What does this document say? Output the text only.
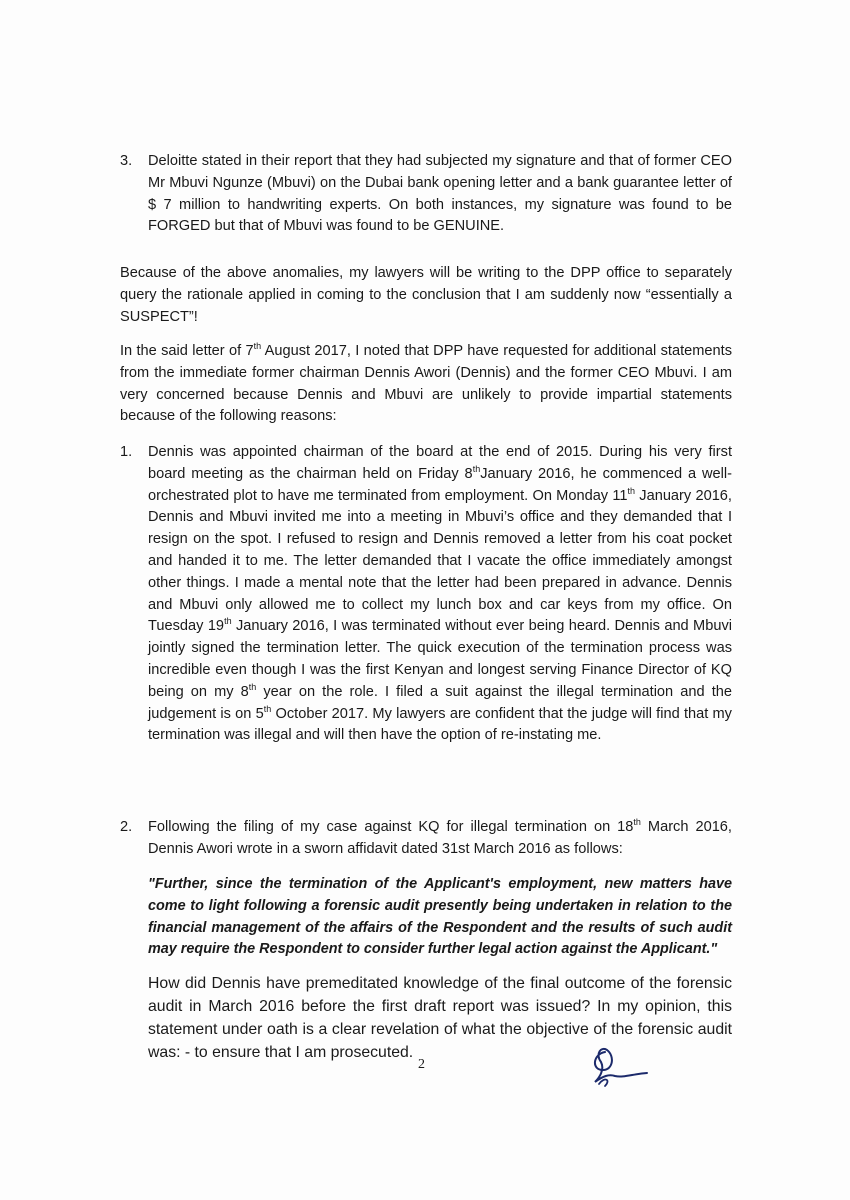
3.	Deloitte stated in their report that they had subjected my signature and that of former CEO Mr Mbuvi Ngunze (Mbuvi) on the Dubai bank opening letter and a bank guarantee letter of $ 7 million to handwriting experts. On both instances, my signature was found to be FORGED but that of Mbuvi was found to be GENUINE.
Because of the above anomalies, my lawyers will be writing to the DPP office to separately query the rationale applied in coming to the conclusion that I am suddenly now “essentially a SUSPECT”!
In the said letter of 7th August 2017, I noted that DPP have requested for additional statements from the immediate former chairman Dennis Awori (Dennis) and the former CEO Mbuvi. I am very concerned because Dennis and Mbuvi are unlikely to provide impartial statements because of the following reasons:
1.	Dennis was appointed chairman of the board at the end of 2015. During his very first board meeting as the chairman held on Friday 8thJanuary 2016, he commenced a well-orchestrated plot to have me terminated from employment. On Monday 11th January 2016, Dennis and Mbuvi invited me into a meeting in Mbuvi’s office and they demanded that I resign on the spot. I refused to resign and Dennis removed a letter from his coat pocket and handed it to me. The letter demanded that I vacate the office immediately amongst other things. I made a mental note that the letter had been prepared in advance. Dennis and Mbuvi only allowed me to collect my lunch box and car keys from my office. On Tuesday 19th January 2016, I was terminated without ever being heard. Dennis and Mbuvi jointly signed the termination letter. The quick execution of the termination process was incredible even though I was the first Kenyan and longest serving Finance Director of KQ being on my 8th year on the role. I filed a suit against the illegal termination and the judgement is on 5th October 2017. My lawyers are confident that the judge will find that my termination was illegal and will then have the option of re-instating me.
2.	Following the filing of my case against KQ for illegal termination on 18th March 2016, Dennis Awori wrote in a sworn affidavit dated 31st March 2016 as follows:
"Further, since the termination of the Applicant's employment, new matters have come to light following a forensic audit presently being undertaken in relation to the financial management of the affairs of the Respondent and the results of such audit may require the Respondent to consider further legal action against the Applicant."
How did Dennis have premeditated knowledge of the final outcome of the forensic audit in March 2016 before the first draft report was issued? In my opinion, this statement under oath is a clear revelation of what the objective of the forensic audit was: - to ensure that I am prosecuted.
2
